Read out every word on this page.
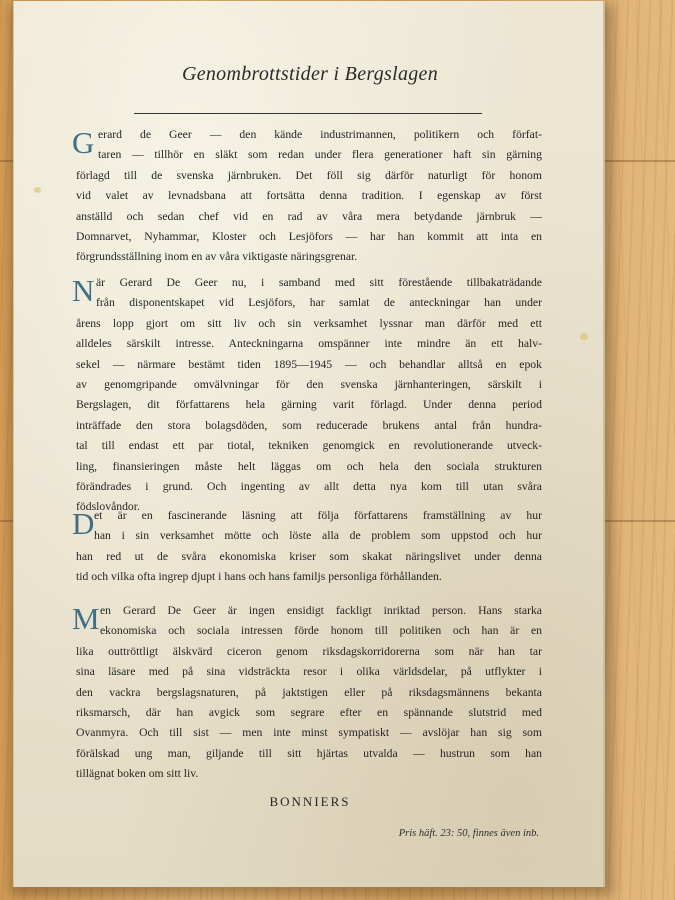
Genombrottstider i Bergslagen
G erard de Geer — den kände industrimannen, politikern och förfat-
taren — tillhör en släkt som redan under flera generationer haft sin gärning
förlagd till de svenska järnbruken. Det föll sig därför naturligt för honom
vid valet av levnadsbana att fortsätta denna tradition. I egenskap av först
anställd och sedan chef vid en rad av våra mera betydande järnbruk —
Domnarvet, Nyhammar, Kloster och Lesjöfors — har han kommit att inta en
förgrundsställning inom en av våra viktigaste näringsgrenar.
N är Gerard De Geer nu, i samband med sitt förestående tillbakaträdande
från disponentskapet vid Lesjöfors, har samlat de anteckningar han under
årens lopp gjort om sitt liv och sin verksamhet lyssnar man därför med ett
alldeles särskilt intresse. Anteckningarna omspänner inte mindre än ett halv-
sekel — närmare bestämt tiden 1895—1945 — och behandlar alltså en epok
av genomgripande omvälvningar för den svenska järnhanteringen, särskilt i
Bergslagen, dit författarens hela gärning varit förlagd. Under denna period
inträffade den stora bolagsdöden, som reducerade brukens antal från hundra-
tal till endast ett par tiotal, tekniken genomgick en revolutionerande utveck-
ling, finansieringen måste helt läggas om och hela den sociala strukturen
förändrades i grund. Och ingenting av allt detta nya kom till utan svåra
födslovåndor.
D et är en fascinerande läsning att följa författarens framställning av hur
han i sin verksamhet mötte och löste alla de problem som uppstod och hur
han red ut de svåra ekonomiska kriser som skakat näringslivet under denna
tid och vilka ofta ingrep djupt i hans och hans familjs personliga förhållanden.
M en Gerard De Geer är ingen ensidigt fackligt inriktad person. Hans starka
ekonomiska och sociala intressen förde honom till politiken och han är en
lika outtröttligt älskvärd ciceron genom riksdagskorridorerna som när han tar
sina läsare med på sina vidsträckta resor i olika världsdelar, på utflykter i
den vackra bergslagsnaturen, på jaktstigen eller på riksdagsmännens bekanta
riksmarsch, där han avgick som segrare efter en spännande slutstrid med
Ovanmyra. Och till sist — men inte minst sympatiskt — avslöjar han sig som
förälskad ung man, giljande till sitt hjärtas utvalda — hustrun som han
tillägnat boken om sitt liv.
BONNIERS
Pris häft. 23: 50, finnes även inb.
